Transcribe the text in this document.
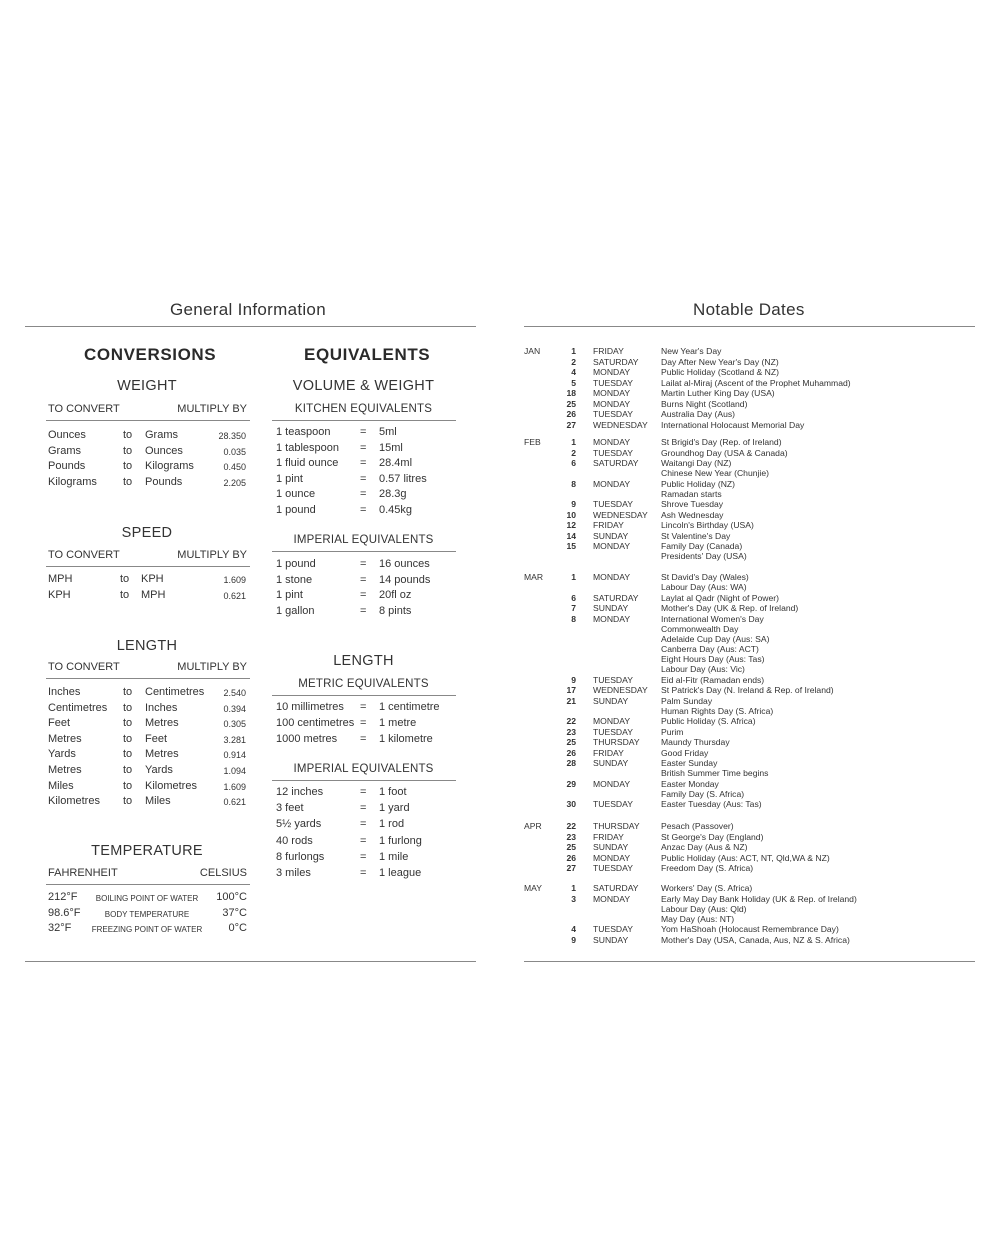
General Information
CONVERSIONS	EQUIVALENTS
WEIGHT
TO CONVERT	MULTIPLY BY
Ounces	to Grams	28.350
Grams	to Ounces	0.035
Pounds	to Kilograms	0.450
Kilograms to Pounds	2.205
SPEED
TO CONVERT	MULTIPLY BY
MPH	to KPH	1.609
KPH	to MPH	0.621
LENGTH
TO CONVERT	MULTIPLY BY
Inches	to Centimetres 2.540
Centimetres to Inches	0.394
Feet	to Metres	0.305
Metres	to Feet	3.281
Yards	to Metres	0.914
Metres	to Yards	1.094
Miles	to Kilometres	1.609
Kilometres to Miles	0.621
TEMPERATURE
FAHRENHEIT	CELSIUS
212°F	BOILING POINT OF WATER	100°C
98.6°F	BODY TEMPERATURE	37°C
32°F	FREEZING POINT OF WATER	0°C
VOLUME & WEIGHT
LENGTH
KITCHEN EQUIVALENTS
1 teaspoon	= 5ml
1 tablespoon = 15ml
1 fluid ounce = 28.4ml
1 pint	= 0.57 litres
1 ounce	= 28.3g
1 pound	= 0.45kg
IMPERIAL EQUIVALENTS
1 pound	= 16 ounces
1 stone	= 14 pounds
1 pint	= 20fl oz
1 gallon	= 8 pints
METRIC EQUIVALENTS
10 millimetres = 1 centimetre
100 centimetres = 1 metre
1000 metres = 1 kilometre
IMPERIAL EQUIVALENTS
12 inches	= 1 foot
3 feet	= 1 yard
5½ yards	= 1 rod
40 rods	= 1 furlong
8 furlongs	= 1 mile
3 miles	= 1 league
Notable Dates
JAN	1 FRIDAY	New Year's Day
2 SATURDAY	Day After New Year's Day (NZ)
4 MONDAY	Public Holiday (Scotland & NZ)
5 TUESDAY	Lailat al-Miraj (Ascent of the Prophet Muhammad)
18 MONDAY	Martin Luther King Day (USA)
25 MONDAY	Burns Night (Scotland)
26 TUESDAY	Australia Day (Aus)
27 WEDNESDAY International Holocaust Memorial Day
FEB	1 MONDAY	St Brigid's Day (Rep. of Ireland)
2 TUESDAY	Groundhog Day (USA & Canada)
6 SATURDAY	Waitangi Day (NZ)
Chinese New Year (Chunjie)
8 MONDAY	Public Holiday (NZ)
Ramadan starts
9 TUESDAY	Shrove Tuesday
10 WEDNESDAY Ash Wednesday
12 FRIDAY	Lincoln's Birthday (USA)
14 SUNDAY	St Valentine's Day
15 MONDAY	Family Day (Canada)
Presidents' Day (USA)
MAR	1 MONDAY	St David's Day (Wales)
Labour Day (Aus: WA)
6 SATURDAY	Laylat al Qadr (Night of Power)
7 SUNDAY	Mother's Day (UK & Rep. of Ireland)
8 MONDAY	International Women's Day
Commonwealth Day
Adelaide Cup Day (Aus: SA)
Canberra Day (Aus: ACT)
Eight Hours Day (Aus: Tas)
Labour Day (Aus: Vic)
9 TUESDAY	Eid al-Fitr (Ramadan ends)
17 WEDNESDAY St Patrick's Day (N. Ireland & Rep. of Ireland)
21 SUNDAY	Palm Sunday
Human Rights Day (S. Africa)
22 MONDAY	Public Holiday (S. Africa)
23 TUESDAY	Purim
25 THURSDAY Maundy Thursday
26 FRIDAY	Good Friday
28 SUNDAY	Easter Sunday
British Summer Time begins
29 MONDAY	Easter Monday
Family Day (S. Africa)
30 TUESDAY	Easter Tuesday (Aus: Tas)
APR	22 THURSDAY Pesach (Passover)
23 FRIDAY	St George's Day (England)
25 SUNDAY	Anzac Day (Aus & NZ)
26 MONDAY	Public Holiday (Aus: ACT, NT, Qld,WA & NZ)
27 TUESDAY	Freedom Day (S. Africa)
MAY	1 SATURDAY	Workers' Day (S. Africa)
3 MONDAY	Early May Day Bank Holiday (UK & Rep. of Ireland)
Labour Day (Aus: Qld)
May Day (Aus: NT)
4 TUESDAY	Yom HaShoah (Holocaust Remembrance Day)
9 SUNDAY	Mother's Day (USA, Canada, Aus, NZ & S. Africa)
